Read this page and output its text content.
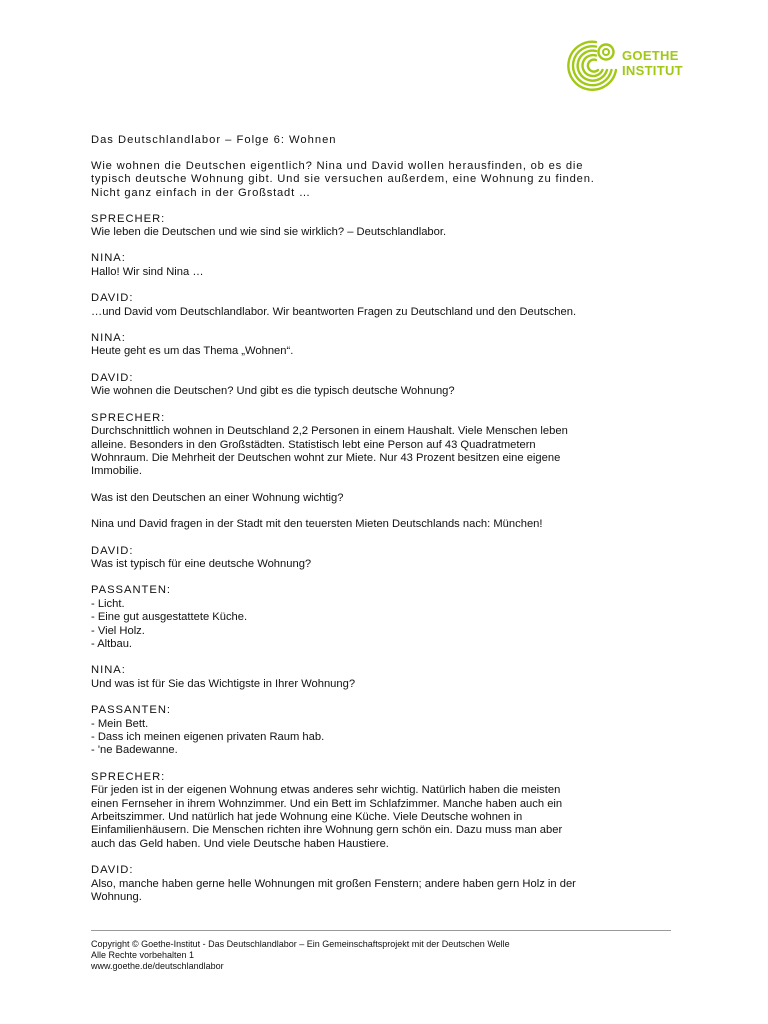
GOETHE
INSTITUT
Das Deutschlandlabor – Folge 6: Wohnen
Wie wohnen die Deutschen eigentlich? Nina und David wollen herausfinden, ob es die
typisch deutsche Wohnung gibt. Und sie versuchen außerdem, eine Wohnung zu finden.
Nicht ganz einfach in der Großstadt …
SPRECHER:
Wie leben die Deutschen und wie sind sie wirklich? – Deutschlandlabor.
NINA:
Hallo! Wir sind Nina …
DAVID:
…und David vom Deutschlandlabor. Wir beantworten Fragen zu Deutschland und den Deutschen.
NINA:
Heute geht es um das Thema „Wohnen“.
DAVID:
Wie wohnen die Deutschen? Und gibt es die typisch deutsche Wohnung?
SPRECHER:
Durchschnittlich wohnen in Deutschland 2,2 Personen in einem Haushalt. Viele Menschen leben
alleine. Besonders in den Großstädten. Statistisch lebt eine Person auf 43 Quadratmetern
Wohnraum. Die Mehrheit der Deutschen wohnt zur Miete. Nur 43 Prozent besitzen eine eigene
Immobilie.
Was ist den Deutschen an einer Wohnung wichtig?
Nina und David fragen in der Stadt mit den teuersten Mieten Deutschlands nach: München!
DAVID:
Was ist typisch für eine deutsche Wohnung?
PASSANTEN:
- Licht.
- Eine gut ausgestattete Küche.
- Viel Holz.
- Altbau.
NINA:
Und was ist für Sie das Wichtigste in Ihrer Wohnung?
PASSANTEN:
- Mein Bett.
- Dass ich meinen eigenen privaten Raum hab.
- 'ne Badewanne.
SPRECHER:
Für jeden ist in der eigenen Wohnung etwas anderes sehr wichtig. Natürlich haben die meisten
einen Fernseher in ihrem Wohnzimmer. Und ein Bett im Schlafzimmer. Manche haben auch ein
Arbeitszimmer. Und natürlich hat jede Wohnung eine Küche. Viele Deutsche wohnen in
Einfamilienhäusern. Die Menschen richten ihre Wohnung gern schön ein. Dazu muss man aber
auch das Geld haben. Und viele Deutsche haben Haustiere.
DAVID:
Also, manche haben gerne helle Wohnungen mit großen Fenstern; andere haben gern Holz in der
Wohnung.
Copyright © Goethe-Institut - Das Deutschlandlabor – Ein Gemeinschaftsprojekt mit der Deutschen Welle
Alle Rechte vorbehalten 1
www.goethe.de/deutschlandlabor
